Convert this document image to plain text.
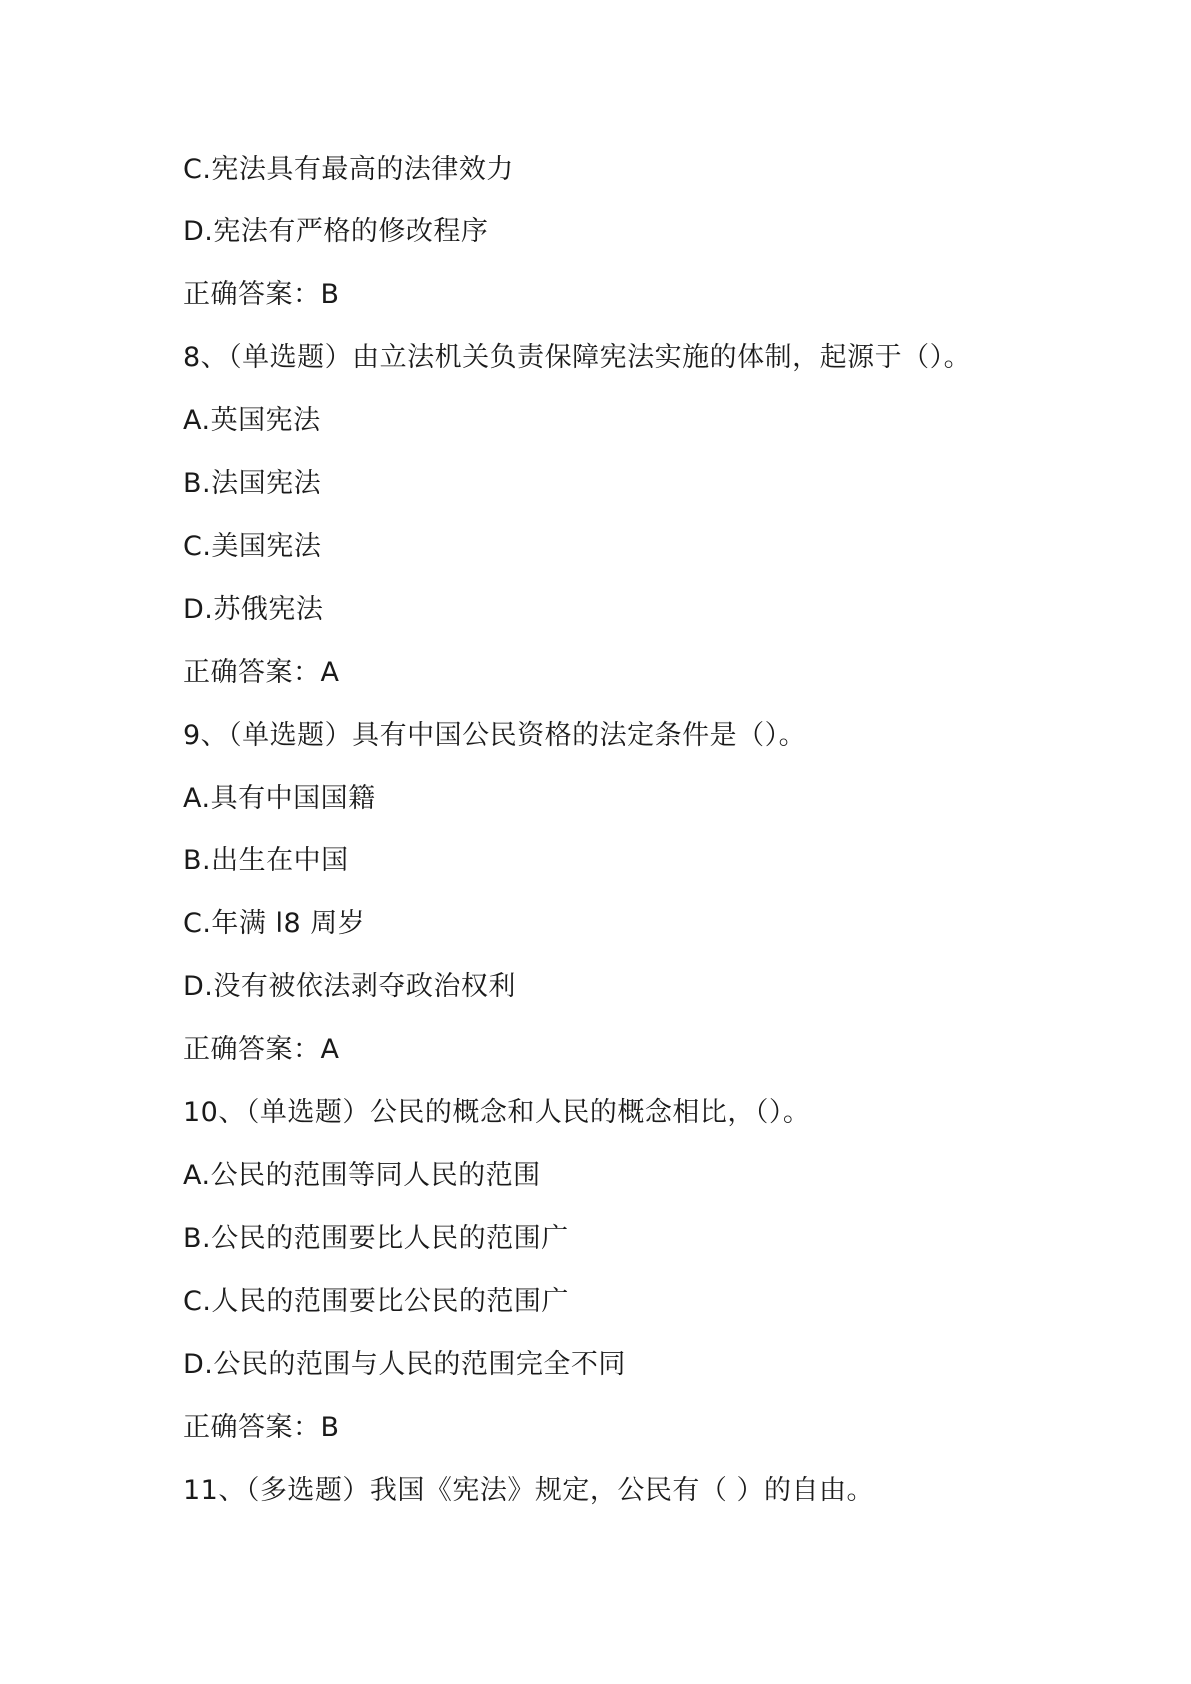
C.宪法具有最高的法律效力
D.宪法有严格的修改程序
正确答案：B
8、（单选题）由立法机关负责保障宪法实施的体制，起源于（）。
A.英国宪法
B.法国宪法
C.美国宪法
D.苏俄宪法
正确答案：A
9、（单选题）具有中国公民资格的法定条件是（）。
A.具有中国国籍
B.出生在中国
C.年满 l8 周岁
D.没有被依法剥夺政治权利
正确答案：A
10、（单选题）公民的概念和人民的概念相比，（）。
A.公民的范围等同人民的范围
B.公民的范围要比人民的范围广
C.人民的范围要比公民的范围广
D.公民的范围与人民的范围完全不同
正确答案：B
11、（多选题）我国《宪法》规定，公民有（ ）的自由。
